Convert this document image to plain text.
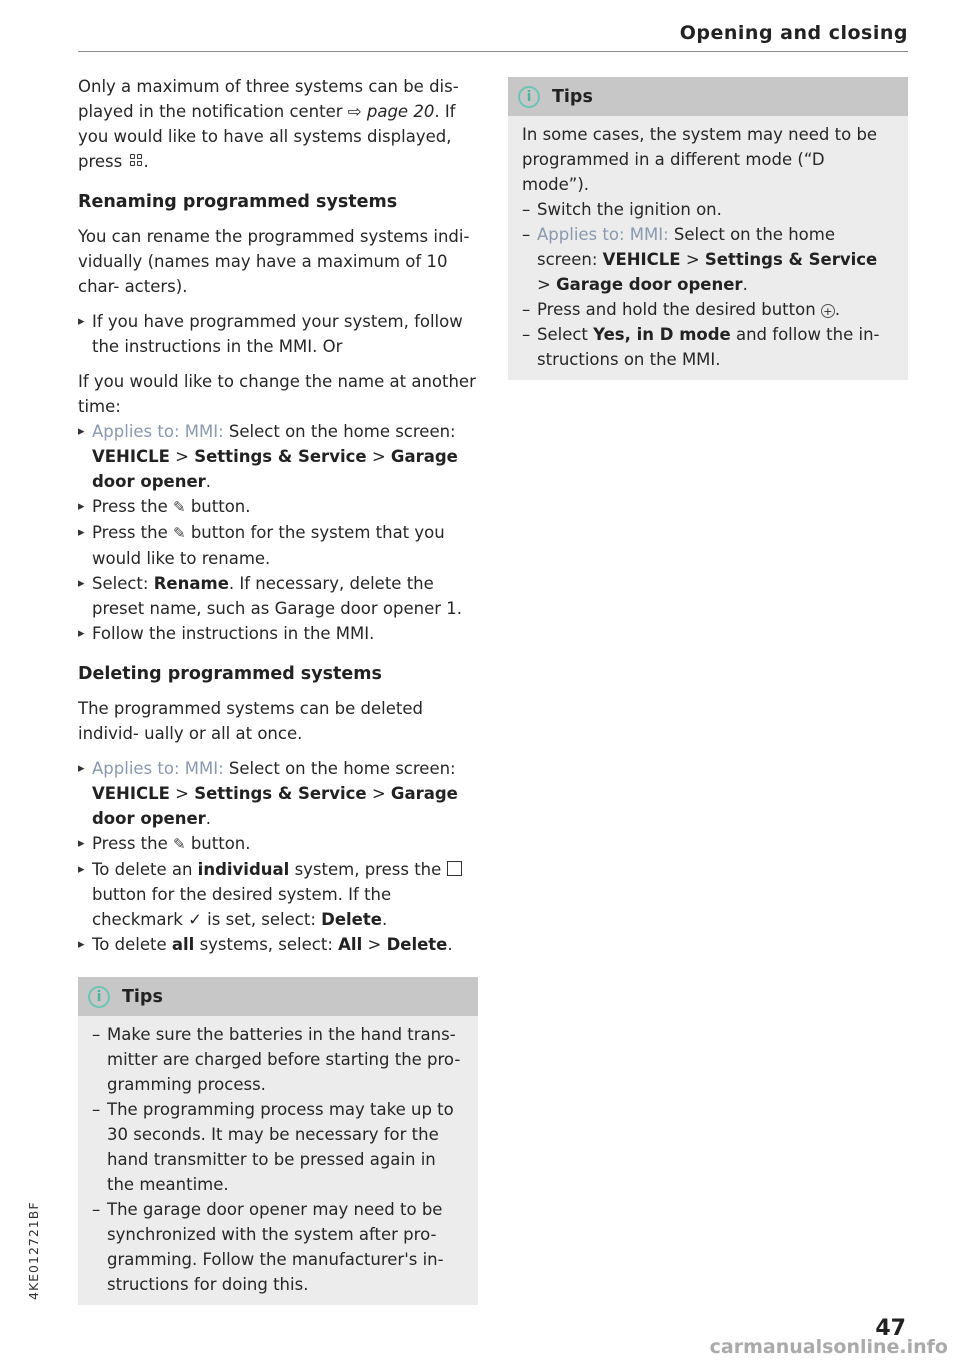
Opening and closing

Only a maximum of three systems can be dis- played in the notification center ⇨ page 20. If you would like to have all systems displayed, press .

Renaming programmed systems

You can rename the programmed systems indi- vidually (names may have a maximum of 10 char- acters).

▸ If you have programmed your system, follow the instructions in the MMI. Or

If you would like to change the name at another time:

▸ Applies to: MMI: Select on the home screen: VEHICLE > Settings & Service > Garage door opener.
▸ Press the ✎ button.
▸ Press the ✎ button for the system that you would like to rename.
▸ Select: Rename. If necessary, delete the preset name, such as Garage door opener 1.
▸ Follow the instructions in the MMI.
Deleting programmed systems

The programmed systems can be deleted individ- ually or all at once.

▸ Applies to: MMI: Select on the home screen: VEHICLE > Settings & Service > Garage door opener.
▸ Press the ✎ button.
▸ To delete an individual system, press the  button for the desired system. If the checkmark ✓ is set, select: Delete.
▸ To delete all systems, select: All > Delete.
i	Tips
– Make sure the batteries in the hand trans- mitter are charged before starting the pro- gramming process.
– The programming process may take up to 30 seconds. It may be necessary for the hand transmitter to be pressed again in the meantime.
– The garage door opener may need to be synchronized with the system after pro- gramming. Follow the manufacturer's in- structions for doing this.
i	Tips

In some cases, the system may need to be programmed in a different mode (“D mode”).

– Switch the ignition on.
– Applies to: MMI: Select on the home screen: VEHICLE > Settings & Service > Garage door opener.
– Press and hold the desired button + .
– Select Yes, in D mode and follow the in- structions on the MMI.
4KE012721BF
47
carmanualsonline.info
